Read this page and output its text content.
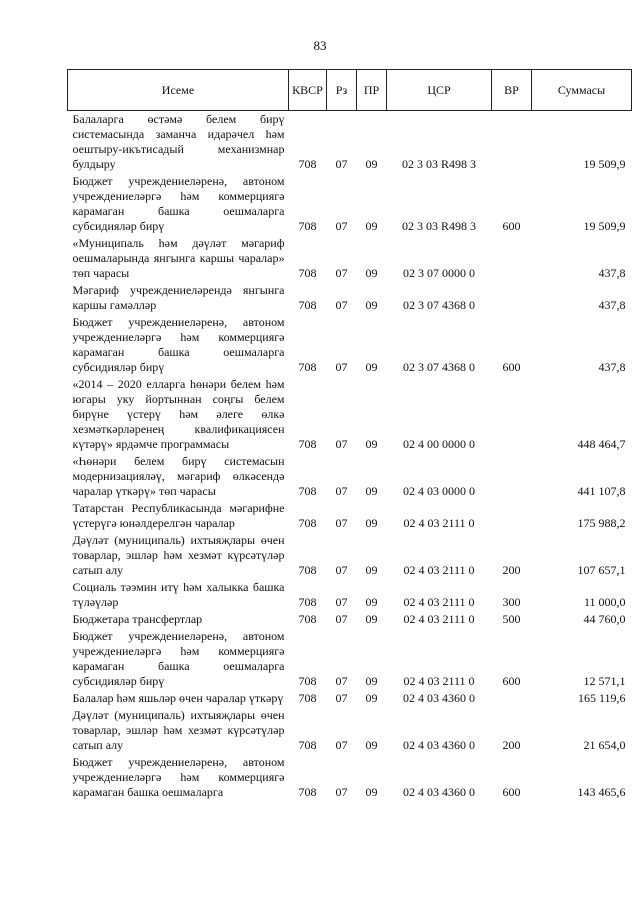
83
Исеме	КВСР	Рз	ПР	ЦСР	ВР	Суммасы
Балаларга өстәмә белем бирү системасында заманча идарәчел һәм оештыру-икътисадый механизмнар булдыру	708	07	09	02 3 03 R498 3		19 509,9
Бюджет учреждениеләренә, автоном учреждениеләргә һәм коммерциягә карамаган башка оешмаларга субсидияләр бирү	708	07	09	02 3 03 R498 3	600	19 509,9
«Муниципаль һәм дәүләт мәгариф оешмаларында янгынга каршы чаралар» төп чарасы	708	07	09	02 3 07 0000 0		437,8
Мәгариф учреждениеләрендә янгынга каршы гамәлләр	708	07	09	02 3 07 4368 0		437,8
Бюджет учреждениеләренә, автоном учреждениеләргә һәм коммерциягә карамаган башка оешмаларга субсидияләр бирү	708	07	09	02 3 07 4368 0	600	437,8
«2014 – 2020 елларга һөнәри белем һәм югары уку йортыннан соңгы белем бирүне үстерү һәм әлеге өлкә хезмәткәрләренең квалификациясен күтәрү» ярдәмче программасы	708	07	09	02 4 00 0000 0		448 464,7
«Һөнәри белем бирү системасын модернизацияләү, мәгариф өлкәсендә чаралар үткәрү» төп чарасы	708	07	09	02 4 03 0000 0		441 107,8
Татарстан Республикасында мәгарифне үстерүгә юнәлдерелгән чаралар	708	07	09	02 4 03 2111 0		175 988,2
Дәүләт (муниципаль) ихтыяҗлары өчен товарлар, эшләр һәм хезмәт күрсәтүләр сатып алу	708	07	09	02 4 03 2111 0	200	107 657,1
Социаль тәэмин итү һәм халыкка башка түләүләр	708	07	09	02 4 03 2111 0	300	11 000,0
Бюджетара трансфертлар	708	07	09	02 4 03 2111 0	500	44 760,0
Бюджет учреждениеләренә, автоном учреждениеләргә һәм коммерциягә карамаган башка оешмаларга субсидияләр бирү	708	07	09	02 4 03 2111 0	600	12 571,1
Балалар һәм яшьләр өчен чаралар үткәрү	708	07	09	02 4 03 4360 0		165 119,6
Дәүләт (муниципаль) ихтыяҗлары өчен товарлар, эшләр һәм хезмәт күрсәтүләр сатып алу	708	07	09	02 4 03 4360 0	200	21 654,0
Бюджет учреждениеләренә, автоном учреждениеләргә һәм коммерциягә карамаган башка оешмаларга	708	07	09	02 4 03 4360 0	600	143 465,6
